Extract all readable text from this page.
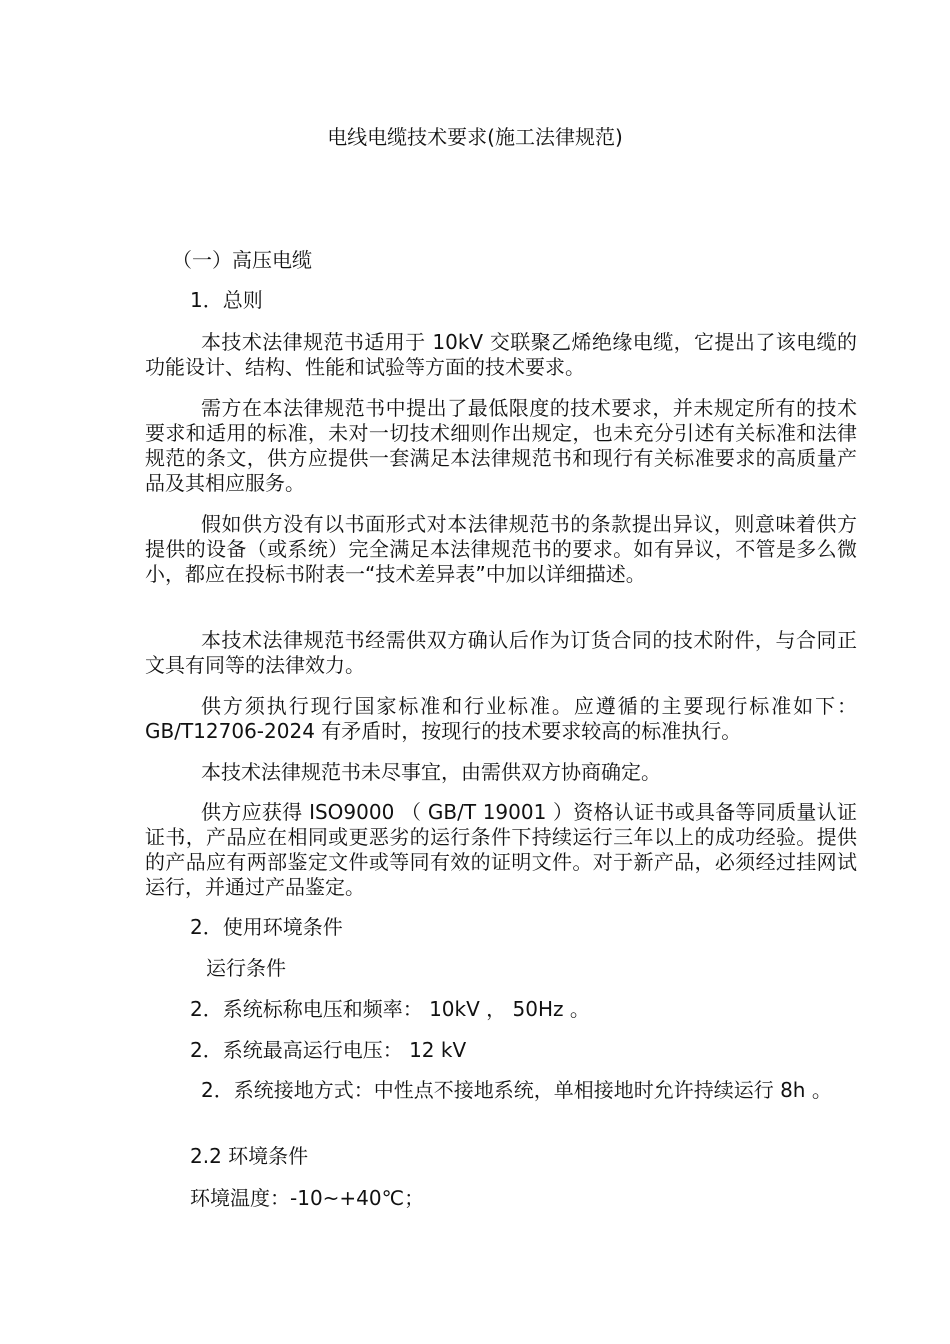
电线电缆技术要求(施工法律规范)
（一）高压电缆
1．总则
本技术法律规范书适用于 10kV 交联聚乙烯绝缘电缆，它提出了该电缆的功能设计、结构、性能和试验等方面的技术要求。
需方在本法律规范书中提出了最低限度的技术要求，并未规定所有的技术要求和适用的标准，未对一切技术细则作出规定，也未充分引述有关标准和法律规范的条文，供方应提供一套满足本法律规范书和现行有关标准要求的高质量产品及其相应服务。
假如供方没有以书面形式对本法律规范书的条款提出异议，则意味着供方提供的设备（或系统）完全满足本法律规范书的要求。如有异议，不管是多么微小，都应在投标书附表一“技术差异表”中加以详细描述。
本技术法律规范书经需供双方确认后作为订货合同的技术附件，与合同正文具有同等的法律效力。
供方须执行现行国家标准和行业标准。应遵循的主要现行标准如下：GB/T12706-2024 有矛盾时，按现行的技术要求较高的标准执行。
本技术法律规范书未尽事宜，由需供双方协商确定。
供方应获得 ISO9000 （ GB/T 19001 ）资格认证书或具备等同质量认证证书，产品应在相同或更恶劣的运行条件下持续运行三年以上的成功经验。提供的产品应有两部鉴定文件或等同有效的证明文件。对于新产品，必须经过挂网试运行，并通过产品鉴定。
2．使用环境条件
运行条件
2．系统标称电压和频率： 10kV ， 50Hz 。
2．系统最高运行电压： 12 kV
2．系统接地方式：中性点不接地系统，单相接地时允许持续运行 8h 。
2.2 环境条件
环境温度：-10~+40℃；
